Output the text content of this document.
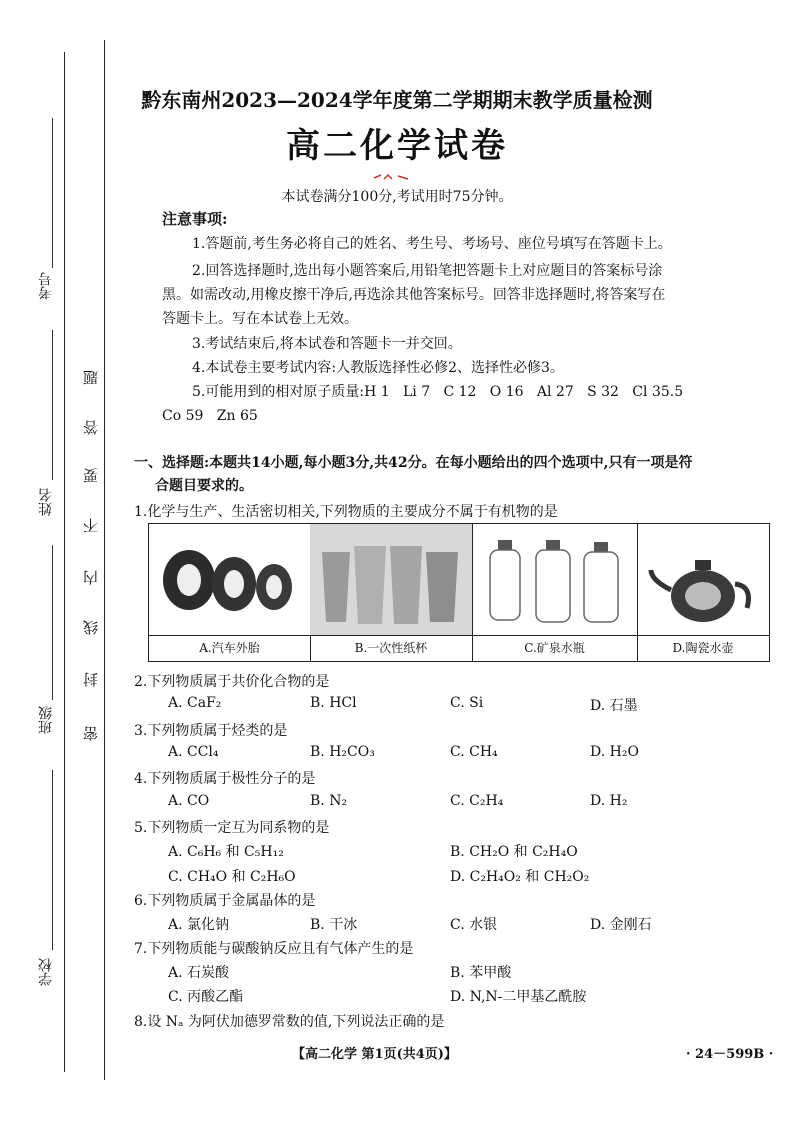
考号
姓名
班级
学校
密
封
线
内
不
要
答
题
黔东南州2023—2024学年度第二学期期末教学质量检测
高二化学试卷
本试卷满分100分,考试用时75分钟。
注意事项:
1.答题前,考生务必将自己的姓名、考生号、考场号、座位号填写在答题卡上。
2.回答选择题时,选出每小题答案后,用铅笔把答题卡上对应题目的答案标号涂
黑。如需改动,用橡皮擦干净后,再选涂其他答案标号。回答非选择题时,将答案写在
答题卡上。写在本试卷上无效。
3.考试结束后,将本试卷和答题卡一并交回。
4.本试卷主要考试内容:人教版选择性必修2、选择性必修3。
5.可能用到的相对原子质量:H 1   Li 7   C 12   O 16   Al 27   S 32   Cl 35.5
Co 59   Zn 65
一、选择题:本题共14小题,每小题3分,共42分。在每小题给出的四个选项中,只有一项是符
合题目要求的。
1.化学与生产、生活密切相关,下列物质的主要成分不属于有机物的是
A.汽车外胎	B.一次性纸杯	C.矿泉水瓶	D.陶瓷水壶
2.下列物质属于共价化合物的是
A. CaF₂	B. HCl	C. Si	D. 石墨
3.下列物质属于烃类的是
A. CCl₄	B. H₂CO₃	C. CH₄	D. H₂O
4.下列物质属于极性分子的是
A. CO	B. N₂	C. C₂H₄	D. H₂
5.下列物质一定互为同系物的是
A. C₆H₆ 和 C₅H₁₂	B. CH₂O 和 C₂H₄O
C. CH₄O 和 C₂H₆O	D. C₂H₄O₂ 和 CH₂O₂
6.下列物质属于金属晶体的是
A. 氯化钠	B. 干冰	C. 水银	D. 金刚石
7.下列物质能与碳酸钠反应且有气体产生的是
A. 石炭酸	B. 苯甲酸
C. 丙酸乙酯	D. N,N-二甲基乙酰胺
8.设 Nₐ 为阿伏加德罗常数的值,下列说法正确的是
【高二化学 第1页(共4页)】	· 24－599B ·
